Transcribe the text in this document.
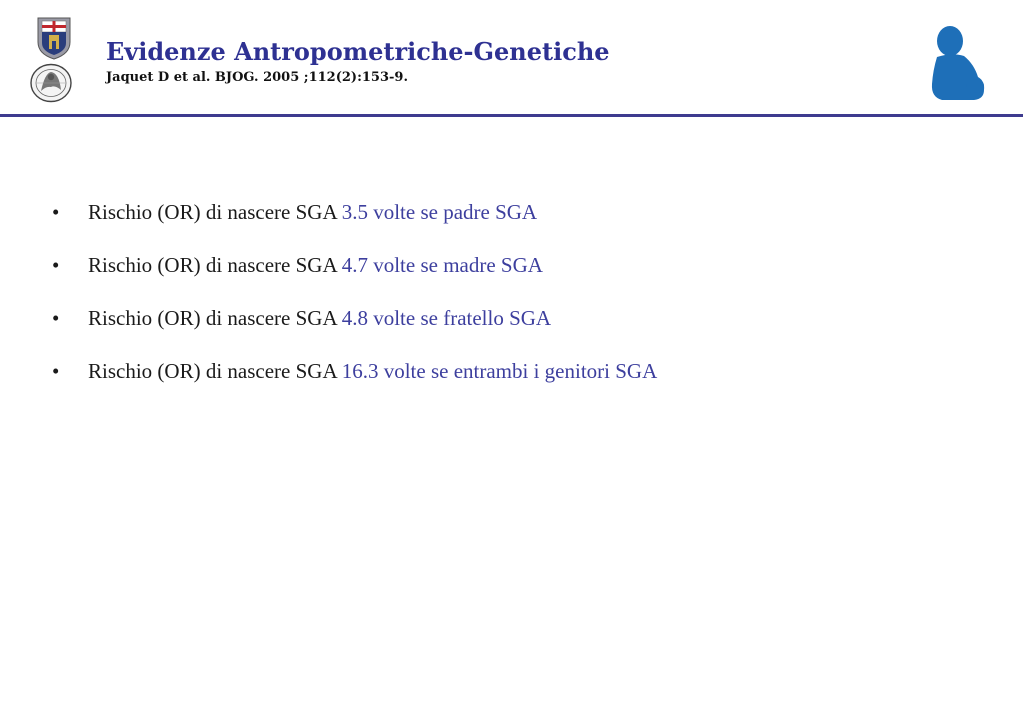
Evidenze Antropometriche-Genetiche

Jaquet D et al. BJOG. 2005 ;112(2):153-9.

• Rischio (OR) di nascere SGA 3.5 volte se padre SGA
• Rischio (OR) di nascere SGA 4.7 volte se madre SGA
• Rischio (OR) di nascere SGA 4.8 volte se fratello SGA
• Rischio (OR) di nascere SGA 16.3 volte se entrambi i genitori SGA
